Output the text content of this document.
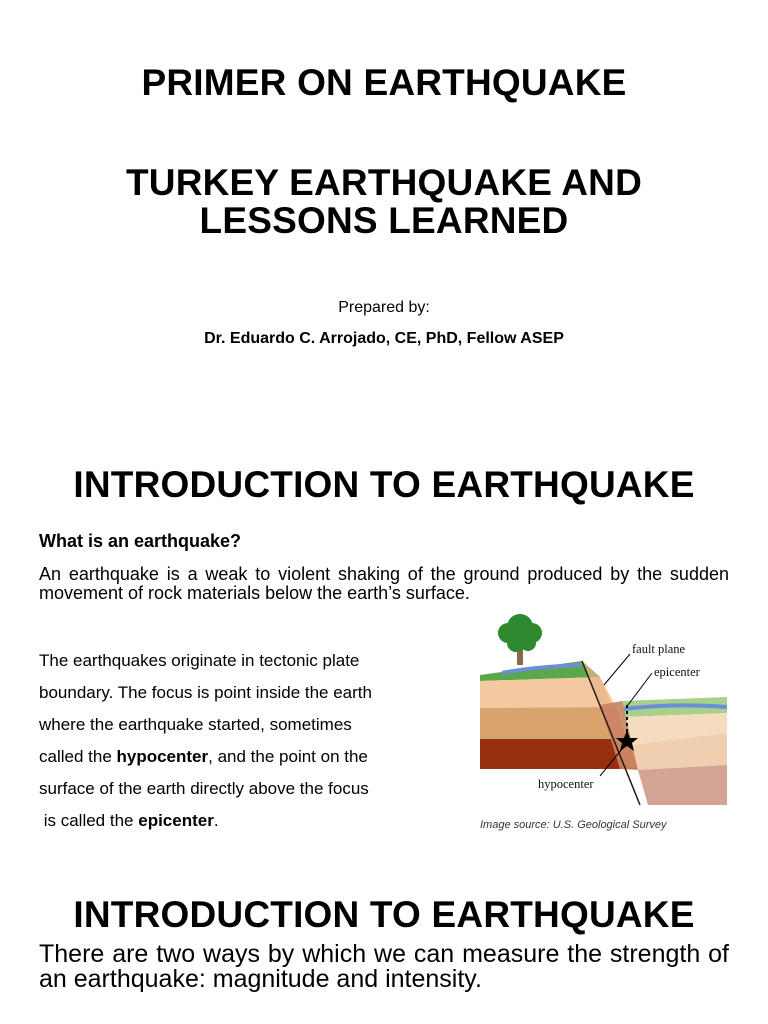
PRIMER ON EARTHQUAKE
TURKEY EARTHQUAKE AND
LESSONS LEARNED
Prepared by:
Dr. Eduardo C. Arrojado, CE, PhD, Fellow ASEP
INTRODUCTION TO EARTHQUAKE
What is an earthquake?
An earthquake is a weak to violent shaking of the ground produced by the sudden movement of rock materials below the earth’s surface.
The earthquakes originate in tectonic plate
boundary. The focus is point inside the earth
where the earthquake started, sometimes
called the hypocenter, and the point on the
surface of the earth directly above the focus
is called the epicenter.
fault plane
epicenter
hypocenter
Image source: U.S. Geological Survey
INTRODUCTION TO EARTHQUAKE
There are two ways by which we can measure the strength of an earthquake: magnitude and intensity.
